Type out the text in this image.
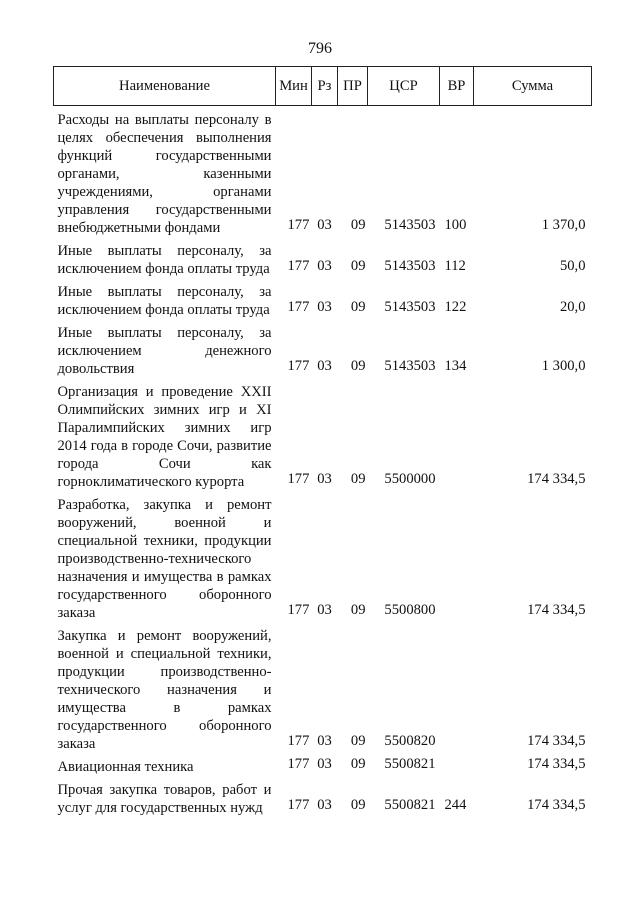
796
Наименование	Мин	Рз	ПР	ЦСР	ВР	Сумма
Расходы на выплаты персоналу в целях обеспечения выполнения функций государственными органами, казенными учреждениями, органами управления государственными внебюджетными фондами	177	03	09	5143503	100	1 370,0
Иные выплаты персоналу, за исключением фонда оплаты труда	177	03	09	5143503	112	50,0
Иные выплаты персоналу, за исключением фонда оплаты труда	177	03	09	5143503	122	20,0
Иные выплаты персоналу, за исключением денежного довольствия	177	03	09	5143503	134	1 300,0
Организация и проведение XXII Олимпийских зимних игр и XI Паралимпийских зимних игр 2014 года в городе Сочи, развитие города Сочи как горноклиматического курорта	177	03	09	5500000		174 334,5
Разработка, закупка и ремонт вооружений, военной и специальной техники, продукции производственно-технического назначения и имущества в рамках государственного оборонного заказа	177	03	09	5500800		174 334,5
Закупка и ремонт вооружений, военной и специальной техники, продукции производственно-технического назначения и имущества в рамках государственного оборонного заказа	177	03	09	5500820		174 334,5
Авиационная техника	177	03	09	5500821		174 334,5
Прочая закупка товаров, работ и услуг для государственных нужд	177	03	09	5500821	244	174 334,5
